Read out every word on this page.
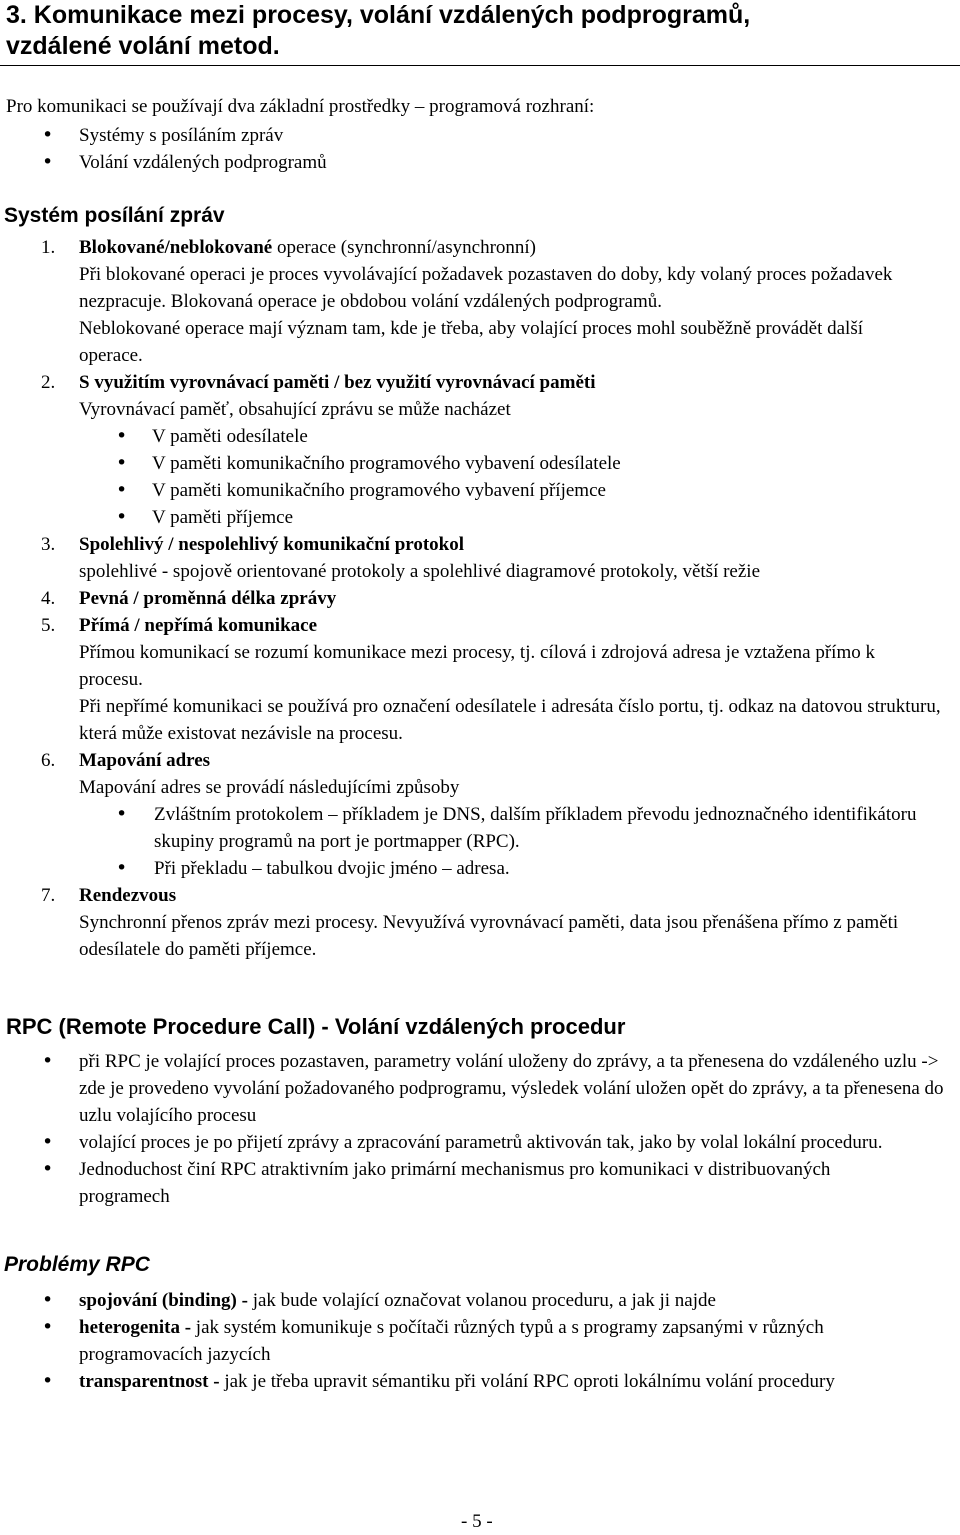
3. Komunikace mezi procesy, volání vzdálených podprogramů,
vzdálené volání metod.

Pro komunikaci se používají dva základní prostředky – programová rozhraní:

• Systémy s posíláním zpráv
• Volání vzdálených podprogramů
Systém posílání zpráv
1. Blokované/neblokované operace (synchronní/asynchronní)
Při blokované operaci je proces vyvolávající požadavek pozastaven do doby, kdy volaný proces požadavek nezpracuje. Blokovaná operace je obdobou volání vzdálených podprogramů.
Neblokované operace mají význam tam, kde je třeba, aby volající proces mohl souběžně provádět další operace.
2. S využitím vyrovnávací paměti / bez využití vyrovnávací paměti
Vyrovnávací paměť, obsahující zprávu se může nacházet
• V paměti odesílatele
• V paměti komunikačního programového vybavení odesílatele
• V paměti komunikačního programového vybavení příjemce
• V paměti příjemce
3. Spolehlivý / nespolehlivý komunikační protokol
spolehlivé - spojově orientované protokoly a spolehlivé diagramové protokoly, větší režie
4. Pevná / proměnná délka zprávy
5. Přímá / nepřímá komunikace
Přímou komunikací se rozumí komunikace mezi procesy, tj. cílová i zdrojová adresa je vztažena přímo k procesu.
Při nepřímé komunikaci se používá pro označení odesílatele i adresáta číslo portu, tj. odkaz na datovou strukturu, která může existovat nezávisle na procesu.
6. Mapování adres
Mapování adres se provádí následujícími způsoby
• Zvláštním protokolem – příkladem je DNS, dalším příkladem převodu jednoznačného identifikátoru skupiny programů na port je portmapper (RPC).
• Při překladu – tabulkou dvojic jméno – adresa.
7. Rendezvous
Synchronní přenos zpráv mezi procesy. Nevyužívá vyrovnávací paměti, data jsou přenášena přímo z paměti odesílatele do paměti příjemce.
RPC (Remote Procedure Call) - Volání vzdálených procedur
• při RPC je volající proces pozastaven, parametry volání uloženy do zprávy, a ta přenesena do vzdáleného uzlu -> zde je provedeno vyvolání požadovaného podprogramu, výsledek volání uložen opět do zprávy, a ta přenesena do uzlu volajícího procesu
• volající proces je po přijetí zprávy a zpracování parametrů aktivován tak, jako by volal lokální proceduru.
• Jednoduchost činí RPC atraktivním jako primární mechanismus pro komunikaci v distribuovaných programech
Problémy RPC
• spojování (binding) - jak bude volající označovat volanou proceduru, a jak ji najde
• heterogenita - jak systém komunikuje s počítači různých typů a s programy zapsanými v různých programovacích jazycích
• transparentnost - jak je třeba upravit sémantiku při volání RPC oproti lokálnímu volání procedury
- 5 -
